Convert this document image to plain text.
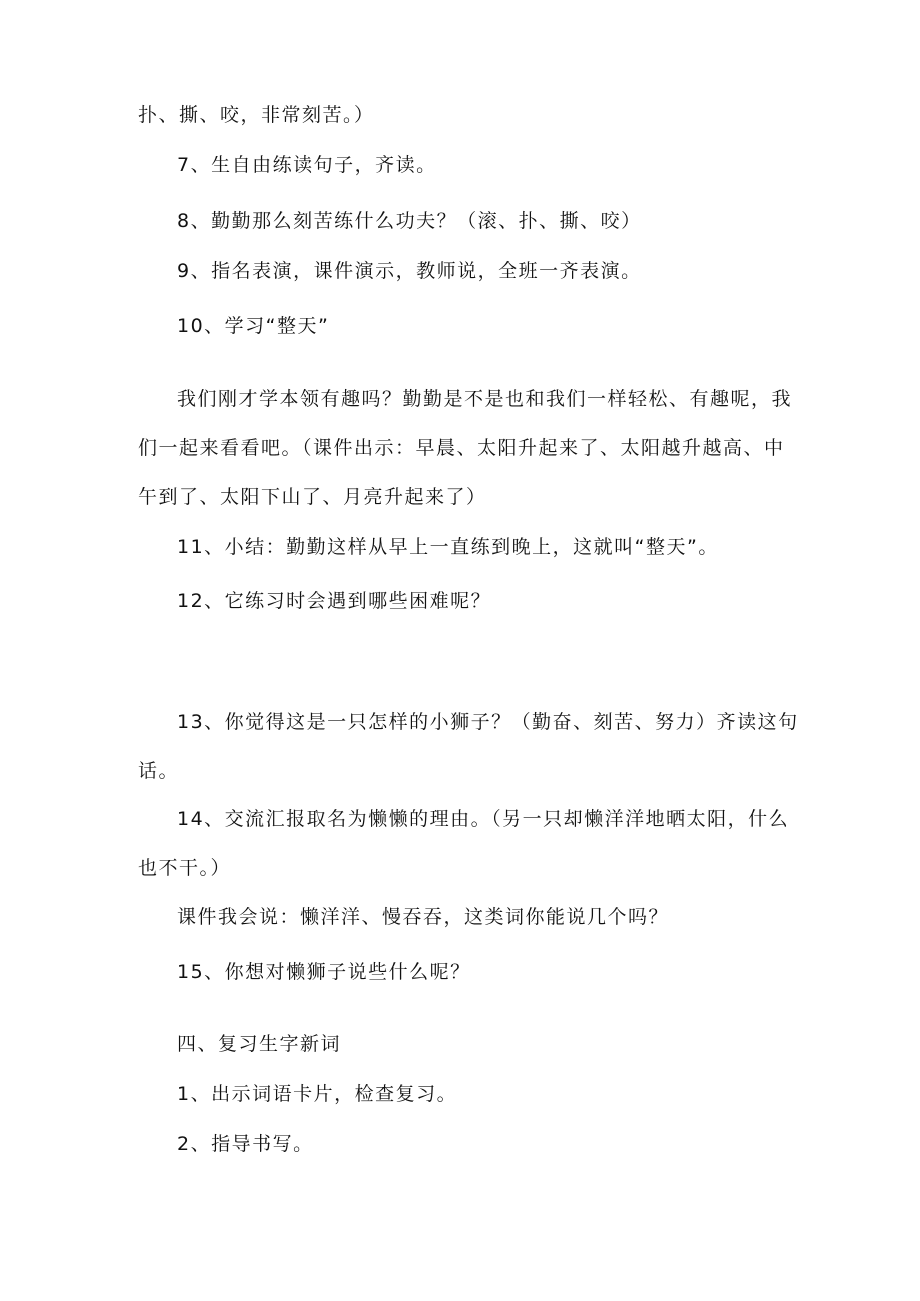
扑、撕、咬，非常刻苦。）
7、生自由练读句子，齐读。
8、勤勤那么刻苦练什么功夫？（滚、扑、撕、咬）
9、指名表演，课件演示，教师说，全班一齐表演。
10、学习“整天”
我们刚才学本领有趣吗？勤勤是不是也和我们一样轻松、有趣呢，我
们一起来看看吧。（课件出示：早晨、太阳升起来了、太阳越升越高、中
午到了、太阳下山了、月亮升起来了）
11、小结：勤勤这样从早上一直练到晚上，这就叫“整天”。
12、它练习时会遇到哪些困难呢？
13、你觉得这是一只怎样的小狮子？（勤奋、刻苦、努力）齐读这句
话。
14、交流汇报取名为懒懒的理由。（另一只却懒洋洋地晒太阳，什么
也不干。）
课件我会说：懒洋洋、慢吞吞，这类词你能说几个吗？
15、你想对懒狮子说些什么呢？
四、复习生字新词
1、出示词语卡片，检查复习。
2、指导书写。
